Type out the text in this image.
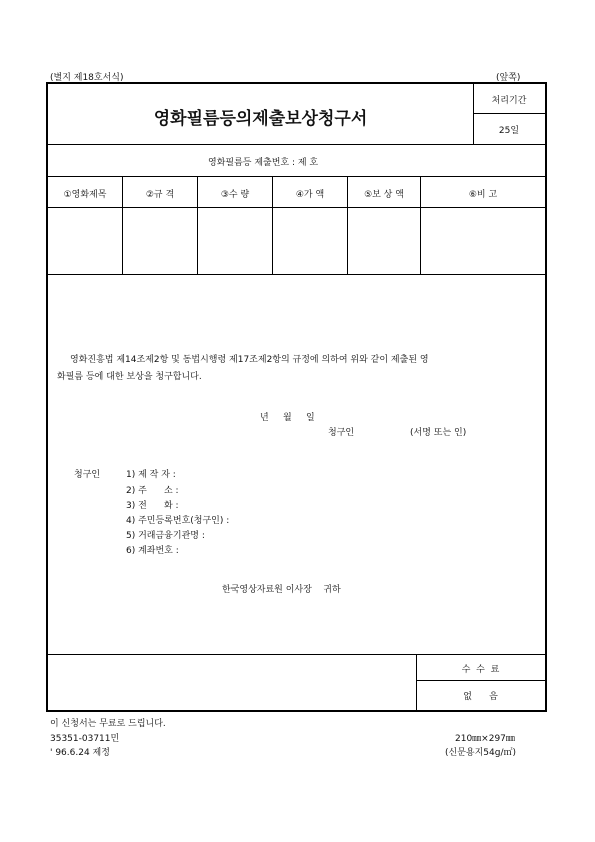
(별지 제18호서식)	(앞쪽)
영화필름등의제출보상청구서
처리기간
25일
영화필름등 제출번호 : 제 호
①영화제목	②규 격	③수 량	④가 액	⑤보 상 액	⑥비 고
영화진흥법 제14조제2항 및 동법시행령 제17조제2항의 규정에 의하여 위와 같이 제출된 영
화필름 등에 대한 보상을 청구합니다.
년     월     일
청구인	(서명 또는 인)
청구인	1) 제 작 자 :
2) 주      소 :
3) 전      화 :
4) 주민등록번호(청구인) :
5) 거래금융기관명 :
6) 계좌번호 :
한국영상자료원 이사장    귀하
수  수  료
없      음
이 신청서는 무료로 드립니다.
35351-03711민
' 96.6.24 제정
210㎜×297㎜
(신문용지54g/㎡)
